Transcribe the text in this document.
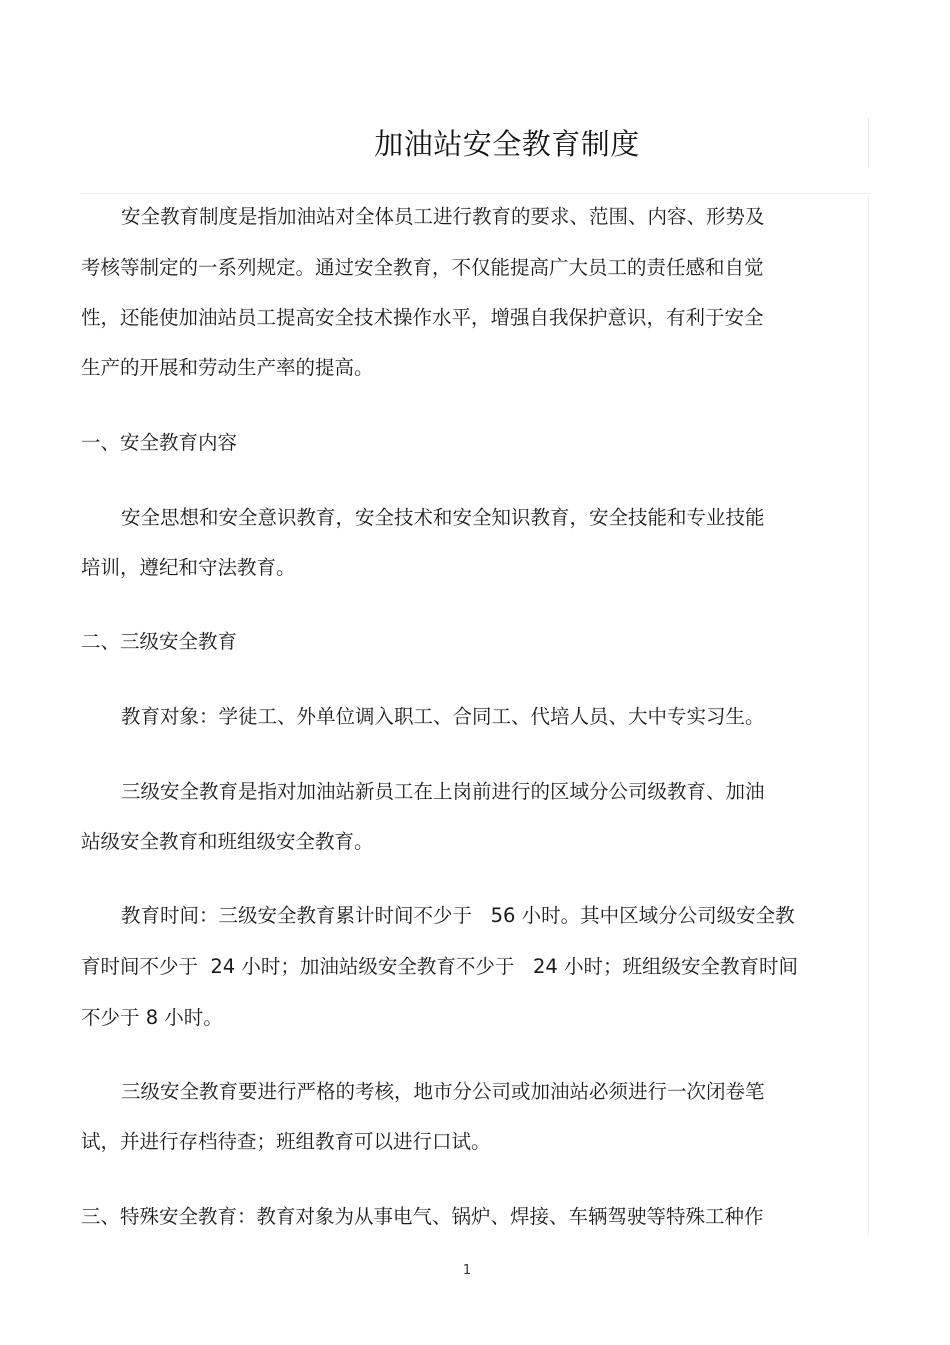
加油站安全教育制度
安全教育制度是指加油站对全体员工进行教育的要求、范围、内容、形势及
考核等制定的一系列规定。通过安全教育，不仅能提高广大员工的责任感和自觉
性，还能使加油站员工提高安全技术操作水平，增强自我保护意识，有利于安全
生产的开展和劳动生产率的提高。
一、安全教育内容
安全思想和安全意识教育，安全技术和安全知识教育，安全技能和专业技能
培训，遵纪和守法教育。
二、三级安全教育
教育对象：学徒工、外单位调入职工、合同工、代培人员、大中专实习生。
三级安全教育是指对加油站新员工在上岗前进行的区域分公司级教育、加油
站级安全教育和班组级安全教育。
教育时间：三级安全教育累计时间不少于   56 小时。其中区域分公司级安全教
育时间不少于  24 小时；加油站级安全教育不少于   24 小时；班组级安全教育时间
不少于 8 小时。
三级安全教育要进行严格的考核，地市分公司或加油站必须进行一次闭卷笔
试，并进行存档待查；班组教育可以进行口试。
三、特殊安全教育：教育对象为从事电气、锅炉、焊接、车辆驾驶等特殊工种作
1
